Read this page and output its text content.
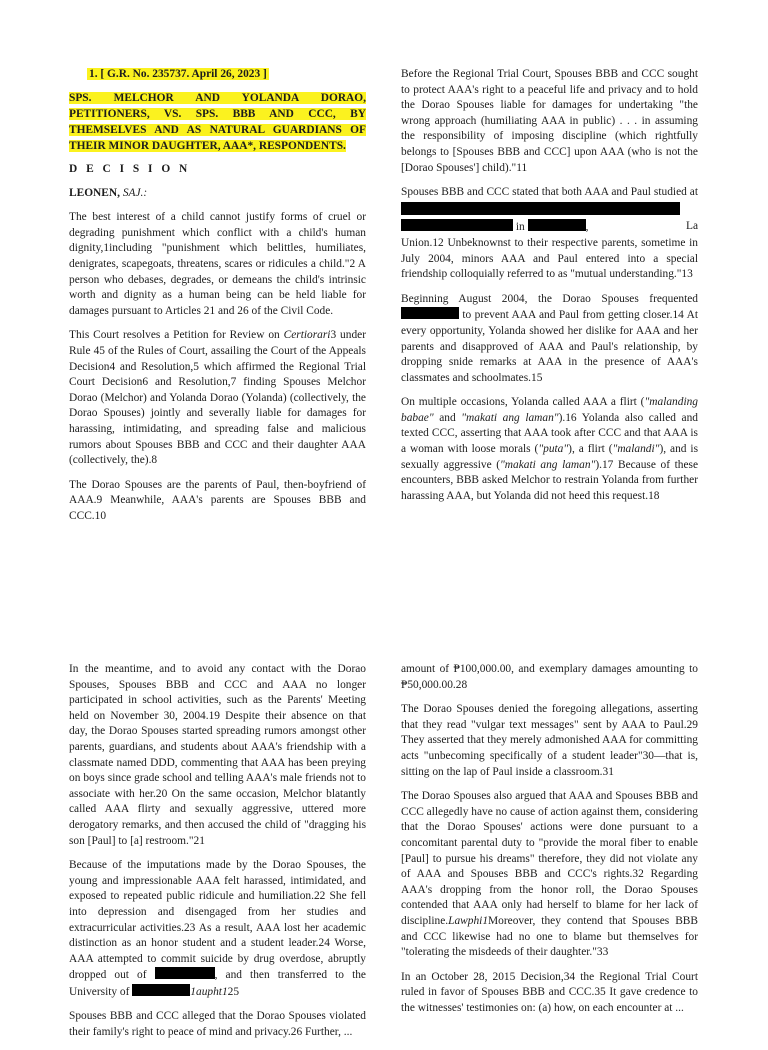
1. [ G.R. No. 235737. April 26, 2023 ]
SPS. MELCHOR AND YOLANDA DORAO, PETITIONERS, VS. SPS. BBB AND CCC, BY THEMSELVES AND AS NATURAL GUARDIANS OF THEIR MINOR DAUGHTER, AAA*, RESPONDENTS.
D E C I S I O N
LEONEN, SAJ.:

The best interest of a child cannot justify forms of cruel or degrading punishment which conflict with a child's human dignity,1including "punishment which belittles, humiliates, denigrates, scapegoats, threatens, scares or ridicules a child."2 A person who debases, degrades, or demeans the child's intrinsic worth and dignity as a human being can be held liable for damages pursuant to Articles 21 and 26 of the Civil Code.

This Court resolves a Petition for Review on Certiorari3 under Rule 45 of the Rules of Court, assailing the Court of the Appeals Decision4 and Resolution,5 which affirmed the Regional Trial Court Decision6 and Resolution,7 finding Spouses Melchor Dorao (Melchor) and Yolanda Dorao (Yolanda) (collectively, the Dorao Spouses) jointly and severally liable for damages for harassing, intimidating, and spreading false and malicious rumors about Spouses BBB and CCC and their daughter AAA (collectively, the).8

The Dorao Spouses are the parents of Paul, then-boyfriend of AAA.9 Meanwhile, AAA's parents are Spouses BBB and CCC.10

Before the Regional Trial Court, Spouses BBB and CCC sought to protect AAA's right to a peaceful life and privacy and to hold the Dorao Spouses liable for damages for undertaking "the wrong approach (humiliating AAA in public) . . . in assuming the responsibility of imposing discipline (which rightfully belongs to [Spouses BBB and CCC] upon AAA (who is not the [Dorao Spouses'] child)."11

Spouses BBB and CCC stated that both AAA and Paul studied at
in	,	La

Union.12 Unbeknownst to their respective parents, sometime in July 2004, minors AAA and Paul entered into a special friendship colloquially referred to as "mutual understanding."13

Beginning August 2004, the Dorao Spouses frequented  to prevent AAA and Paul from getting closer.14 At every opportunity, Yolanda showed her dislike for AAA and her parents and disapproved of AAA and Paul's relationship, by dropping snide remarks at AAA in the presence of AAA's classmates and schoolmates.15

On multiple occasions, Yolanda called AAA a flirt ("malanding babae" and "makati ang laman").16 Yolanda also called and texted CCC, asserting that AAA took after CCC and that AAA is a woman with loose morals ("puta"), a flirt ("malandi"), and is sexually aggressive ("makati ang laman").17 Because of these encounters, BBB asked Melchor to restrain Yolanda from further harassing AAA, but Yolanda did not heed this request.18

In the meantime, and to avoid any contact with the Dorao Spouses, Spouses BBB and CCC and AAA no longer participated in school activities, such as the Parents' Meeting held on November 30, 2004.19 Despite their absence on that day, the Dorao Spouses started spreading rumors amongst other parents, guardians, and students about AAA's friendship with a classmate named DDD, commenting that AAA has been preying on boys since grade school and telling AAA's male friends not to associate with her.20 On the same occasion, Melchor blatantly called AAA flirty and sexually aggressive, uttered more derogatory remarks, and then accused the child of "dragging his son [Paul] to [a] restroom."21

Because of the imputations made by the Dorao Spouses, the young and impressionable AAA felt harassed, intimidated, and exposed to repeated public ridicule and humiliation.22 She fell into depression and disengaged from her studies and extracurricular activities.23 As a result, AAA lost her academic distinction as an honor student and a student leader.24 Worse, AAA attempted to commit suicide by drug overdose, abruptly dropped out of	, and then transferred to the University of	1aupht125

Spouses BBB and CCC alleged that the Dorao Spouses violated their family's right to peace of mind and privacy.26 Further, ...

amount of ₱100,000.00, and exemplary damages amounting to ₱50,000.00.28

The Dorao Spouses denied the foregoing allegations, asserting that they read "vulgar text messages" sent by AAA to Paul.29 They asserted that they merely admonished AAA for committing acts "unbecoming specifically of a student leader"30—that is, sitting on the lap of Paul inside a classroom.31

The Dorao Spouses also argued that AAA and Spouses BBB and CCC allegedly have no cause of action against them, considering that the Dorao Spouses' actions were done pursuant to a concomitant parental duty to "provide the moral fiber to enable [Paul] to pursue his dreams" therefore, they did not violate any of AAA and Spouses BBB and CCC's rights.32 Regarding AAA's dropping from the honor roll, the Dorao Spouses contended that AAA only had herself to blame for her lack of discipline.Lawphi1Moreover, they contend that Spouses BBB and CCC likewise had no one to blame but themselves for "tolerating the misdeeds of their daughter."33

In an October 28, 2015 Decision,34 the Regional Trial Court ruled in favor of Spouses BBB and CCC.35 It gave credence to the witnesses' testimonies on: (a) how, on each encounter at ...
